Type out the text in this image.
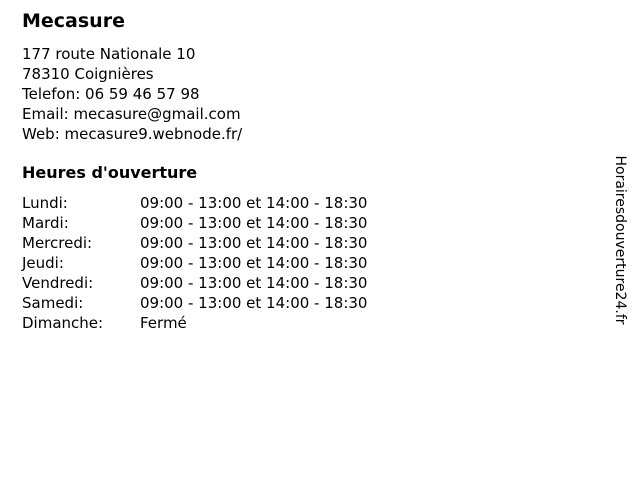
Mecasure
177 route Nationale 10
78310 Coignières
Telefon: 06 59 46 57 98
Email: mecasure@gmail.com
Web: mecasure9.webnode.fr/
Heures d'ouverture
Lundi:	09:00 - 13:00 et 14:00 - 18:30
Mardi:	09:00 - 13:00 et 14:00 - 18:30
Mercredi:	09:00 - 13:00 et 14:00 - 18:30
Jeudi:	09:00 - 13:00 et 14:00 - 18:30
Vendredi:	09:00 - 13:00 et 14:00 - 18:30
Samedi:	09:00 - 13:00 et 14:00 - 18:30
Dimanche:	Fermé	Horairesdouverture24.fr
